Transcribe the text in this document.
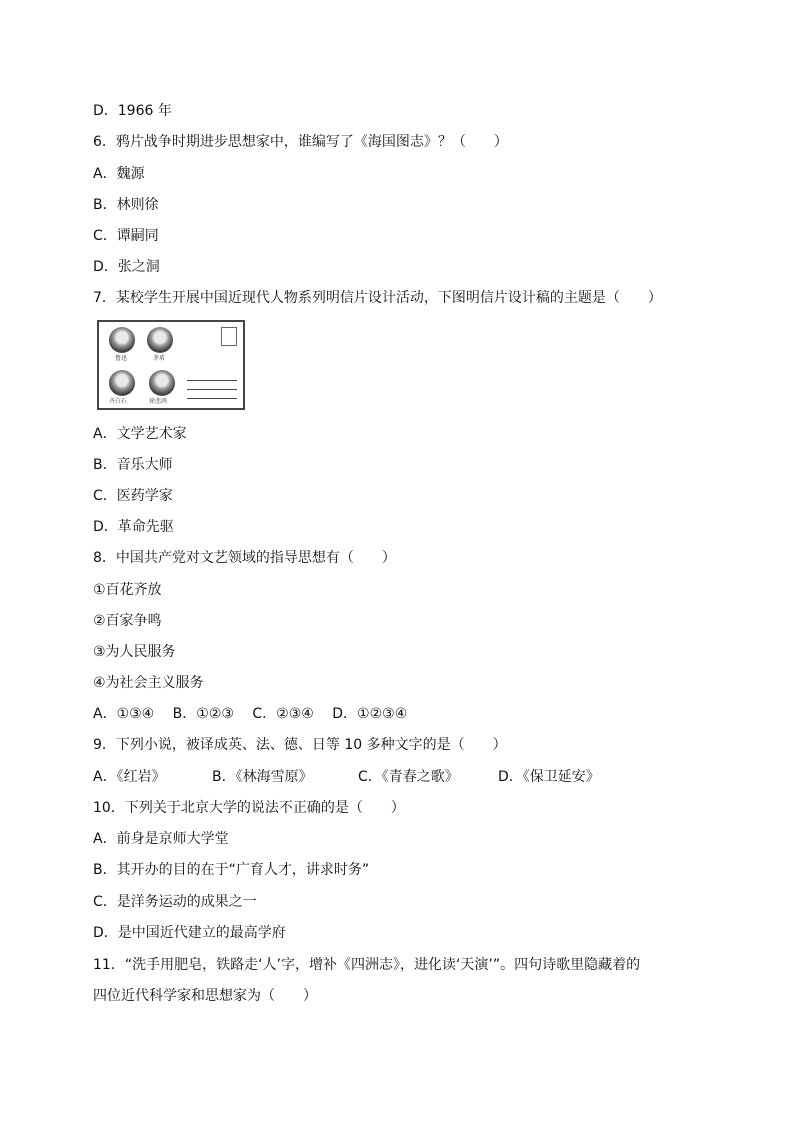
D．1966 年
6．鸦片战争时期进步思想家中，谁编写了《海国图志》？（　　）
A．魏源
B．林则徐
C．谭嗣同
D．张之洞
7．某校学生开展中国近现代人物系列明信片设计活动，下图明信片设计稿的主题是（　　）
鲁迅	茅盾
齐白石	徐悲鸿
A．文学艺术家
B．音乐大师
C．医药学家
D．革命先驱
8．中国共产党对文艺领域的指导思想有（　　）
①百花齐放
②百家争鸣
③为人民服务
④为社会主义服务
A．①③④　 B．①②③　 C．②③④　 D．①②③④
9．下列小说，被译成英、法、德、日等 10 多种文字的是（　　）
A．《红岩》	B．《林海雪原》	C．《青春之歌》	D．《保卫延安》
10．下列关于北京大学的说法不正确的是（　　）
A．前身是京师大学堂
B．其开办的目的在于“广育人才，讲求时务”
C．是洋务运动的成果之一
D．是中国近代建立的最高学府
11．“洗手用肥皂，铁路走‘人’字，增补《四洲志》，进化读‘天演’”。四句诗歌里隐藏着的
四位近代科学家和思想家为（　　）
